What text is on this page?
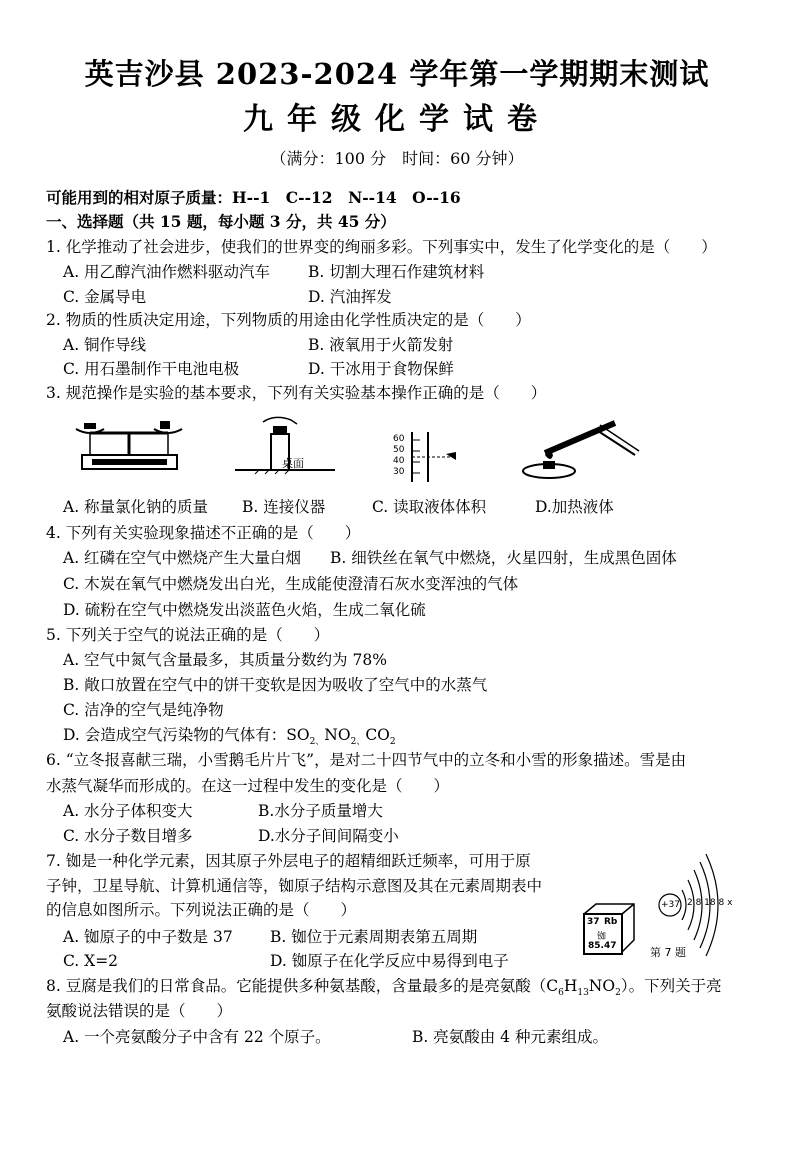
英吉沙县 2023-2024 学年第一学期期末测试
九年级化学试卷
（满分：100 分　时间：60 分钟）
可能用到的相对原子质量：H--1　C--12　N--14　O--16
一、选择题（共 15 题，每小题 3 分，共 45 分）
1. 化学推动了社会进步，使我们的世界变的绚丽多彩。下列事实中，发生了化学变化的是（　　）
A. 用乙醇汽油作燃料驱动汽车 B. 切割大理石作建筑材料
C. 金属导电	D. 汽油挥发
2. 物质的性质决定用途，下列物质的用途由化学性质决定的是（　　）
A. 铜作导线	B. 液氧用于火箭发射
C. 用石墨制作干电池电极	D. 干冰用于食物保鲜
3. 规范操作是实验的基本要求，下列有关实验基本操作正确的是（　　）
桌面
60
50
40
30
A. 称量氯化钠的质量 B. 连接仪器	C. 读取液体体积	D.加热液体
4. 下列有关实验现象描述不正确的是（　　）
A. 红磷在空气中燃烧产生大量白烟 B. 细铁丝在氧气中燃烧，火星四射，生成黑色固体
C. 木炭在氧气中燃烧发出白光，生成能使澄清石灰水变浑浊的气体
D. 硫粉在空气中燃烧发出淡蓝色火焰，生成二氧化硫
5. 下列关于空气的说法正确的是（　　）
A. 空气中氮气含量最多，其质量分数约为 78%
B. 敞口放置在空气中的饼干变软是因为吸收了空气中的水蒸气
C. 洁净的空气是纯净物
D. 会造成空气污染物的气体有：$SO_{2、}NO_{2、}CO_2$
6. “立冬报喜献三瑞，小雪鹅毛片片飞”，是对二十四节气中的立冬和小雪的形象描述。雪是由
水蒸气凝华而形成的。在这一过程中发生的变化是（　　）
A. 水分子体积变大	B.水分子质量增大
C. 水分子数目增多	D.水分子间间隔变小
7. 铷是一种化学元素，因其原子外层电子的超精细跃迁频率，可用于原
子钟，卫星导航、计算机通信等，铷原子结构示意图及其在元素周期表中
的信息如图所示。下列说法正确的是（　　）
A. 铷原子的中子数是 37 B. 铷位于元素周期表第五周期
C. X=2	D. 铷原子在化学反应中易得到电子
37 Rb
铷
85.47
+37 2 8 18 8 x
第 7 题
8. 豆腐是我们的日常食品。它能提供多种氨基酸，含量最多的是亮氨酸$(C_6H_{13}NO_2)$。下列关于亮
氨酸说法错误的是（　　）
A. 一个亮氨酸分子中含有 22 个原子。	B. 亮氨酸由 4 种元素组成。
